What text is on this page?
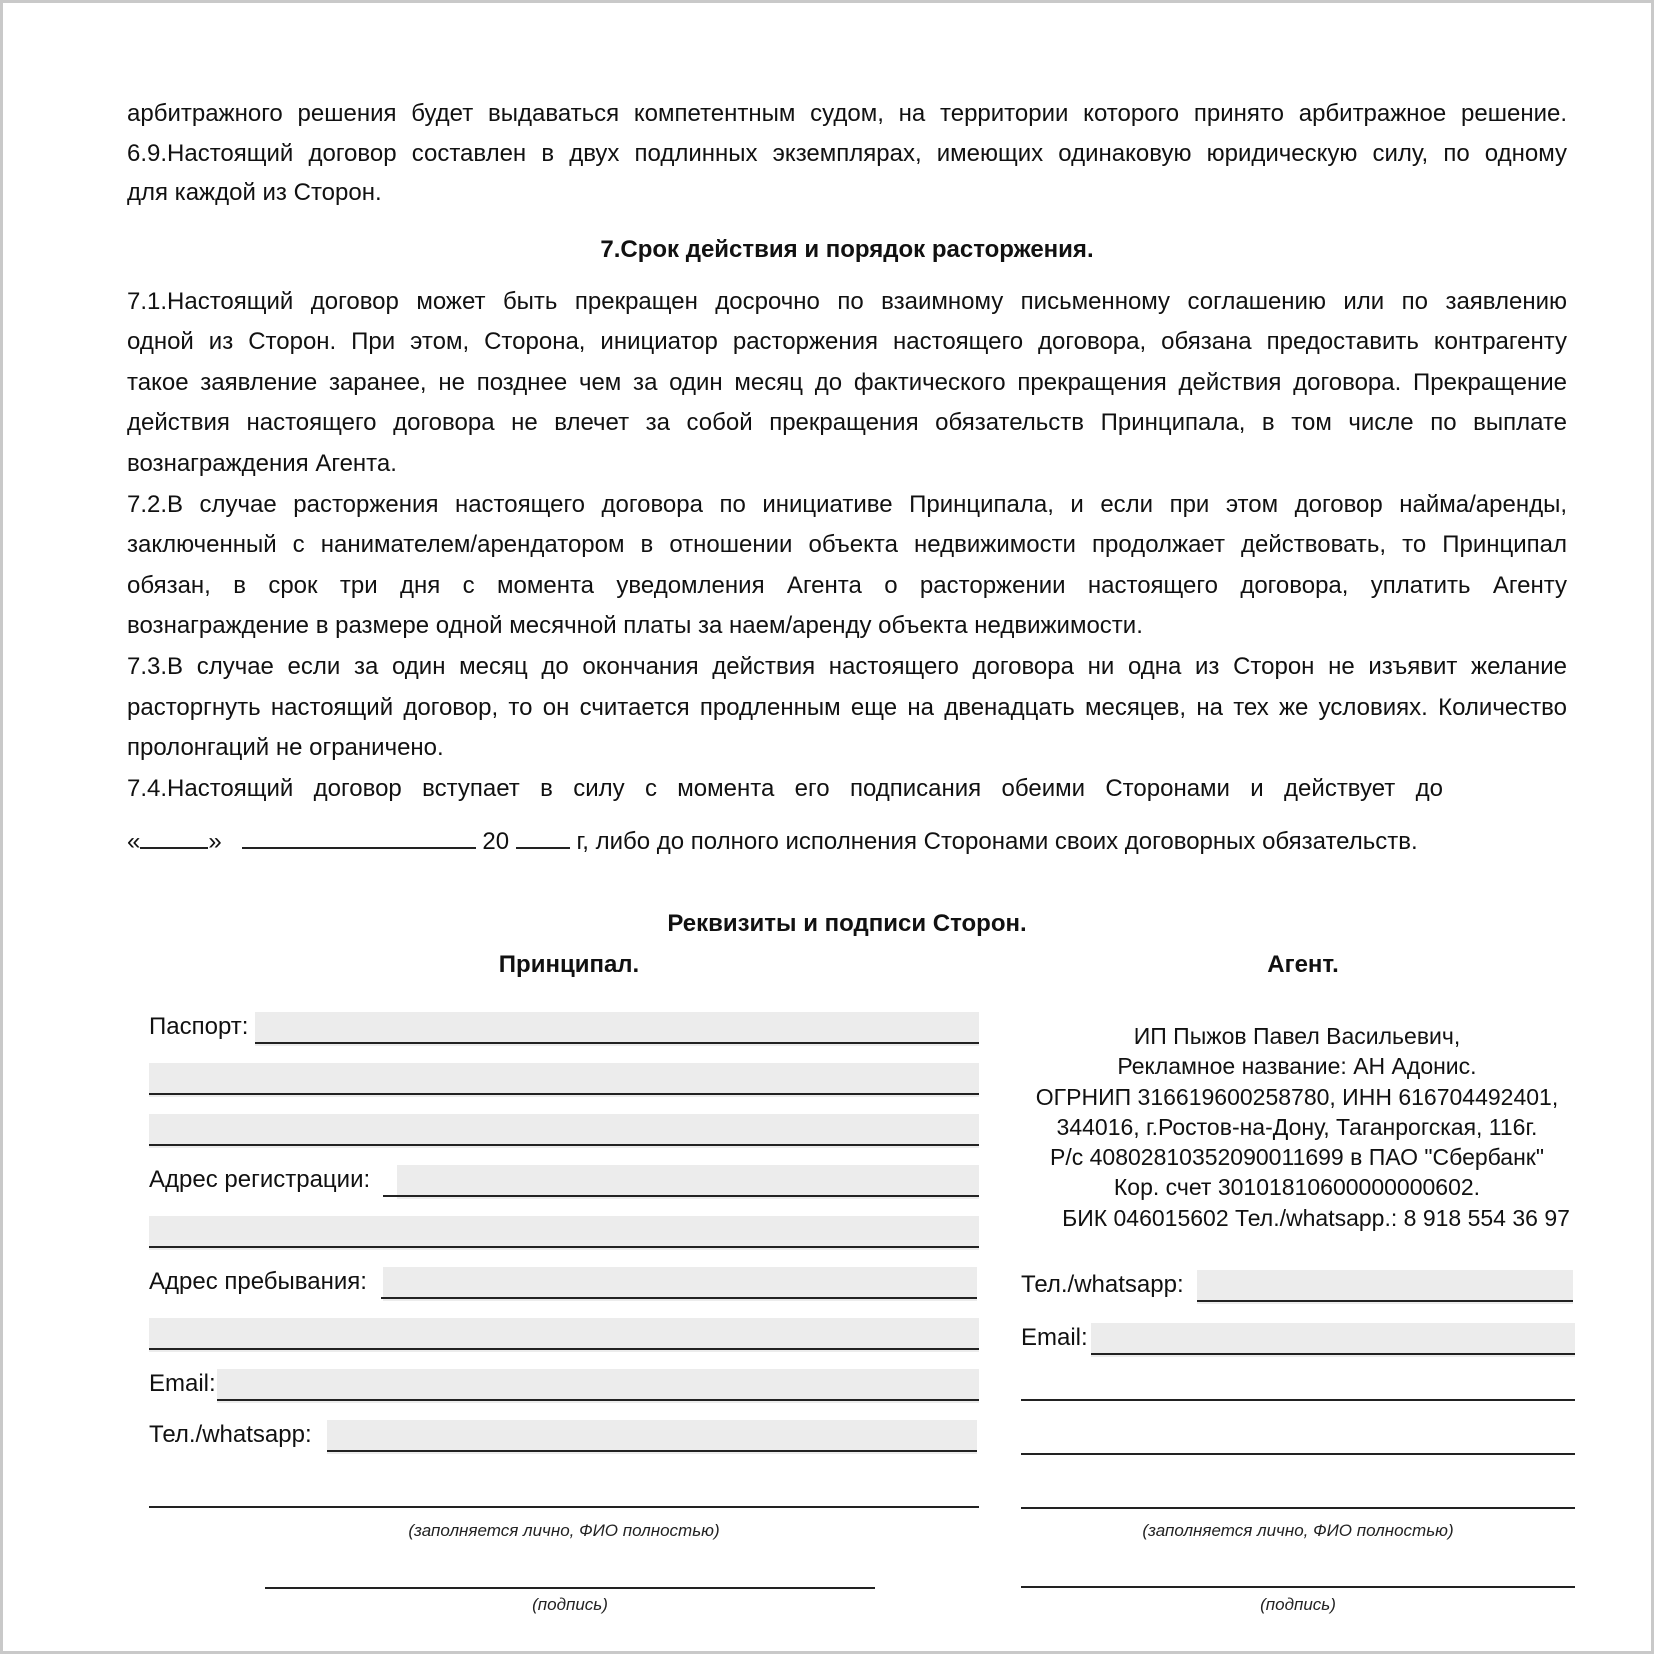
арбитражного решения будет выдаваться компетентным судом, на территории которого принято арбитражное решение.
6.9.Настоящий договор составлен в двух подлинных экземплярах, имеющих одинаковую юридическую силу, по одному
для каждой из Сторон.
7.Срок действия и порядок расторжения.
7.1.Настоящий договор может быть прекращен досрочно по взаимному письменному соглашению или по заявлению
одной из Сторон. При этом, Сторона, инициатор расторжения настоящего договора, обязана предоставить контрагенту
такое заявление заранее, не позднее чем за один месяц до фактического прекращения действия договора. Прекращение
действия настоящего договора не влечет за собой прекращения обязательств Принципала, в том числе по выплате
вознаграждения Агента.
7.2.В случае расторжения настоящего договора по инициативе Принципала, и если при этом договор найма/аренды,
заключенный с нанимателем/арендатором в отношении объекта недвижимости продолжает действовать, то Принципал
обязан, в срок три дня с момента уведомления Агента о расторжении настоящего договора, уплатить Агенту
вознаграждение в размере одной месячной платы за наем/аренду объекта недвижимости.
7.3.В случае если за один месяц до окончания действия настоящего договора ни одна из Сторон не изъявит желание
расторгнуть настоящий договор, то он считается продленным еще на двенадцать месяцев, на тех же условиях. Количество
пролонгаций не ограничено.
7.4.Настоящий договор вступает в силу с момента его подписания обеими Сторонами и действует до
«	»	20	г, либо до полного исполнения Сторонами своих договорных обязательств.
Реквизиты и подписи Сторон.
Принципал.	Агент.
Паспорт:
Адрес регистрации:
Адрес пребывания:
Email:
Тел./whatsapp:
(заполняется лично, ФИО полностью)
(подпись)
ИП Пыжов Павел Васильевич,
Рекламное название: АН Адонис.
ОГРНИП 316619600258780, ИНН 616704492401,
344016, г.Ростов-на-Дону, Таганрогская, 116г.
Р/с 40802810352090011699 в ПАО "Сбербанк"
Кор. счет 30101810600000000602.
БИК 046015602 Тел./whatsapp.: 8 918 554 36 97
Тел./whatsapp:
Email:
(заполняется лично, ФИО полностью)
(подпись)
